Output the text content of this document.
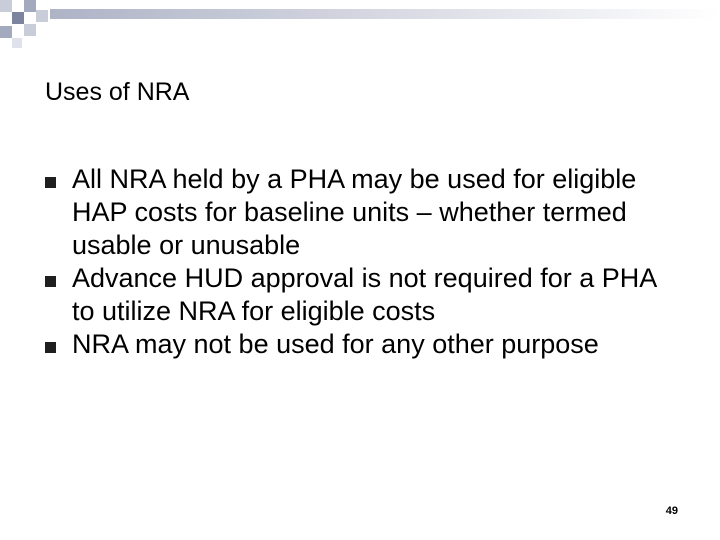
Uses of NRA
All NRA held by a PHA may be used for eligible HAP costs for baseline units – whether termed usable or unusable
Advance HUD approval is not required for a PHA to utilize NRA for eligible costs
NRA may not be used for any other purpose
49
